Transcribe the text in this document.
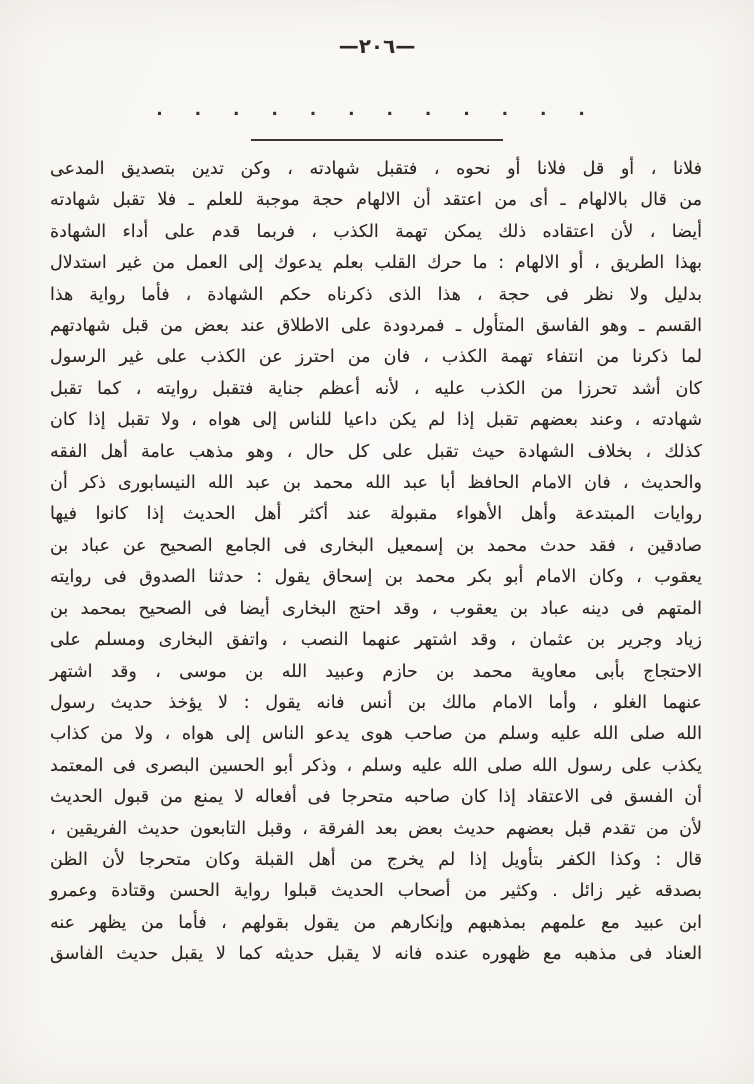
—٢٠٦—
. . . . . . . . . . . .
فلانا ، أو قل فلانا أو نحوه ، فتقبل شهادته ، وكن تدين بتصديق المدعى
من قال بالالهام ـ أى من اعتقد أن الالهام حجة موجبة للعلم ـ فلا تقبل شهادته
أيضا ، لأن اعتقاده ذلك يمكن تهمة الكذب ، فربما قدم على أداء الشهادة
بهذا الطريق ، أو الالهام : ما حرك القلب بعلم يدعوك إلى العمل من غير استدلال
بدليل ولا نظر فى حجة ، هذا الذى ذكرناه حكم الشهادة ، فأما رواية هذا
القسم ـ وهو الفاسق المتأول ـ فمردودة على الاطلاق عند بعض من قبل شهادتهم
لما ذكرنا من انتفاء تهمة الكذب ، فان من احترز عن الكذب على غير الرسول
كان أشد تحرزا من الكذب عليه ، لأنه أعظم جناية فتقبل روايته ، كما تقبل
شهادته ، وعند بعضهم تقبل إذا لم يكن داعيا للناس إلى هواه ، ولا تقبل إذا كان
كذلك ، بخلاف الشهادة حيث تقبل على كل حال ، وهو مذهب عامة أهل الفقه
والحديث ، فان الامام الحافظ أبا عبد الله محمد بن عبد الله النيسابورى ذكر أن
روايات المبتدعة وأهل الأهواء مقبولة عند أكثر أهل الحديث إذا كانوا فيها
صادقين ، فقد حدث محمد بن إسمعيل البخارى فى الجامع الصحيح عن عباد بن
يعقوب ، وكان الامام أبو بكر محمد بن إسحاق يقول : حدثنا الصدوق فى روايته
المتهم فى دينه عباد بن يعقوب ، وقد احتج البخارى أيضا فى الصحيح بمحمد بن
زياد وجرير بن عثمان ، وقد اشتهر عنهما النصب ، واتفق البخارى ومسلم على
الاحتجاج بأبى معاوية محمد بن حازم وعبيد الله بن موسى ، وقد اشتهر
عنهما الغلو ، وأما الامام مالك بن أنس فانه يقول : لا يؤخذ حديث رسول
الله صلى الله عليه وسلم من صاحب هوى يدعو الناس إلى هواه ، ولا من كذاب
يكذب على رسول الله صلى الله عليه وسلم ، وذكر أبو الحسين البصرى فى المعتمد
أن الفسق فى الاعتقاد إذا كان صاحبه متحرجا فى أفعاله لا يمنع من قبول الحديث
لأن من تقدم قبل بعضهم حديث بعض بعد الفرقة ، وقبل التابعون حديث الفريقين ،
قال : وكذا الكفر بتأويل إذا لم يخرج من أهل القبلة وكان متحرجا لأن الظن
بصدقه غير زائل . وكثير من أصحاب الحديث قبلوا رواية الحسن وقتادة وعمرو
ابن عبيد مع علمهم بمذهبهم وإنكارهم من يقول بقولهم ، فأما من يظهر عنه
العناد فى مذهبه مع ظهوره عنده فانه لا يقبل حديثه كما لا يقبل حديث الفاسق
